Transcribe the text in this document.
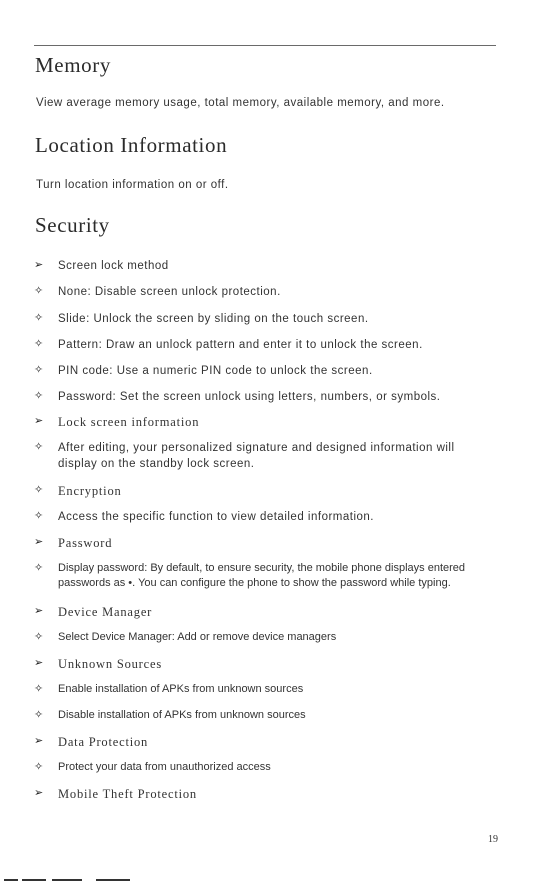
Memory

View average memory usage, total memory, available memory, and more.

Location Information

Turn location information on or off.

Security
➢	Screen lock method
✧	None: Disable screen unlock protection.
✧	Slide: Unlock the screen by sliding on the touch screen.
✧	Pattern: Draw an unlock pattern and enter it to unlock the screen.
✧	PIN code: Use a numeric PIN code to unlock the screen.
✧	Password: Set the screen unlock using letters, numbers, or symbols.
➢	Lock screen information
✧	After editing, your personalized signature and designed information will display on the standby lock screen.
✧	Encryption
✧	Access the specific function to view detailed information.
➢	Password
✧	Display password: By default, to ensure security, the mobile phone displays entered passwords as •. You can configure the phone to show the password while typing.
➢	Device Manager
✧	Select Device Manager: Add or remove device managers
➢	Unknown Sources
✧	Enable installation of APKs from unknown sources
✧	Disable installation of APKs from unknown sources
➢	Data Protection
✧	Protect your data from unauthorized access
➢	Mobile Theft Protection
19
